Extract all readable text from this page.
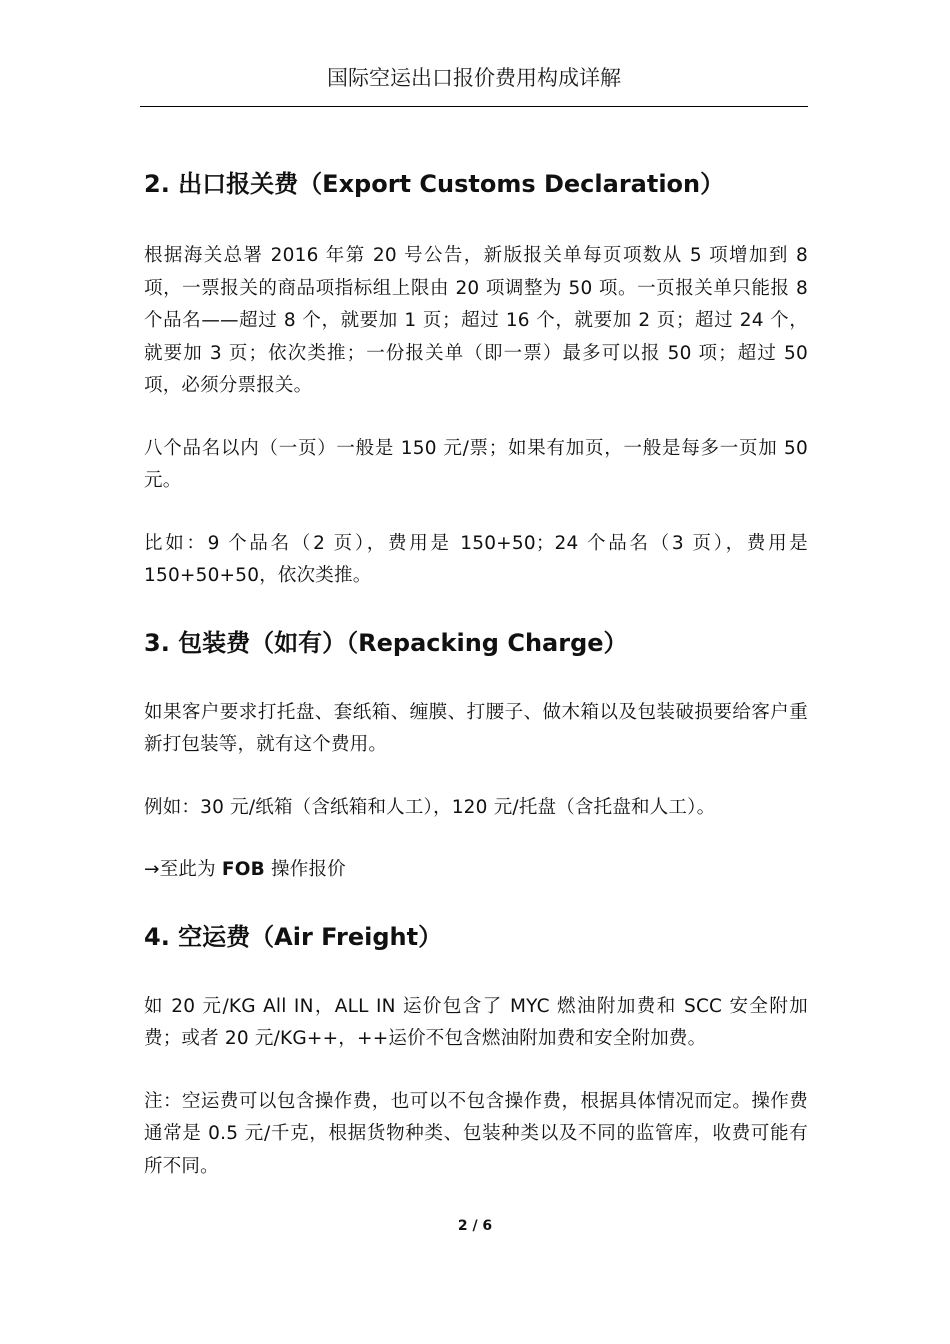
国际空运出口报价费用构成详解
2. 出口报关费（Export Customs Declaration）

根据海关总署 2016 年第 20 号公告，新版报关单每页项数从 5 项增加到 8 项，一票报关的商品项指标组上限由 20 项调整为 50 项。一页报关单只能报 8 个品名——超过 8 个，就要加 1 页；超过 16 个，就要加 2 页；超过 24 个，就要加 3 页；依次类推；一份报关单（即一票）最多可以报 50 项；超过 50 项，必须分票报关。

八个品名以内（一页）一般是 150 元/票；如果有加页，一般是每多一页加 50 元。

比如：9 个品名（2 页），费用是 150+50；24 个品名（3 页），费用是 150+50+50，依次类推。

3. 包装费（如有）（Repacking Charge）

如果客户要求打托盘、套纸箱、缠膜、打腰子、做木箱以及包装破损要给客户重新打包装等，就有这个费用。

例如：30 元/纸箱（含纸箱和人工），120 元/托盘（含托盘和人工）。

→至此为 FOB 操作报价

4. 空运费（Air Freight）

如 20 元/KG All IN，ALL IN 运价包含了 MYC 燃油附加费和 SCC 安全附加费；或者 20 元/KG++，++运价不包含燃油附加费和安全附加费。

注：空运费可以包含操作费，也可以不包含操作费，根据具体情况而定。操作费通常是 0.5 元/千克，根据货物种类、包装种类以及不同的监管库，收费可能有所不同。

2 / 6
